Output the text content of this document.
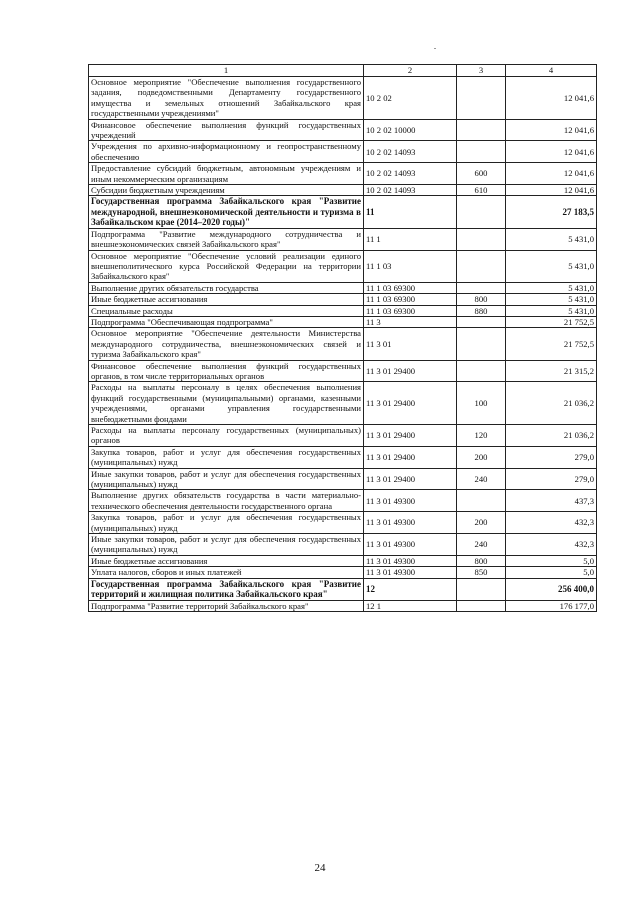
1	2	3	4
Основное мероприятие "Обеспечение выполнения государственного задания, подведомственными Департаменту государственного имущества и земельных отношений Забайкальского края государственными учреждениями"	10 2 02		12 041,6
Финансовое обеспечение выполнения функций государственных учреждений	10 2 02 10000		12 041,6
Учреждения по архивно-информационному и геопространственному обеспечению	10 2 02 14093		12 041,6
Предоставление субсидий бюджетным, автономным учреждениям и иным некоммерческим организациям	10 2 02 14093	600	12 041,6
Субсидии бюджетным учреждениям	10 2 02 14093	610	12 041,6
Государственная программа Забайкальского края "Развитие международной, внешнеэкономической деятельности и туризма в Забайкальском крае (2014–2020 годы)"	11		27 183,5
Подпрограмма "Развитие международного сотрудничества и внешнеэкономических связей Забайкальского края"	11 1		5 431,0
Основное мероприятие "Обеспечение условий реализации единого внешнеполитического курса Российской Федерации на территории Забайкальского края"	11 1 03		5 431,0
Выполнение других обязательств государства	11 1 03 69300		5 431,0
Иные бюджетные ассигнования	11 1 03 69300	800	5 431,0
Специальные расходы	11 1 03 69300	880	5 431,0
Подпрограмма "Обеспечивающая подпрограмма"	11 3		21 752,5
Основное мероприятие "Обеспечение деятельности Министерства международного сотрудничества, внешнеэкономических связей и туризма Забайкальского края"	11 3 01		21 752,5
Финансовое обеспечение выполнения функций государственных органов, в том числе территориальных органов	11 3 01 29400		21 315,2
Расходы на выплаты персоналу в целях обеспечения выполнения функций государственными (муниципальными) органами, казенными учреждениями, органами управления государственными внебюджетными фондами	11 3 01 29400	100	21 036,2
Расходы на выплаты персоналу государственных (муниципальных) органов	11 3 01 29400	120	21 036,2
Закупка товаров, работ и услуг для обеспечения государственных (муниципальных) нужд	11 3 01 29400	200	279,0
Иные закупки товаров, работ и услуг для обеспечения государственных (муниципальных) нужд	11 3 01 29400	240	279,0
Выполнение других обязательств государства в части материально-технического обеспечения деятельности государственного органа	11 3 01 49300		437,3
Закупка товаров, работ и услуг для обеспечения государственных (муниципальных) нужд	11 3 01 49300	200	432,3
Иные закупки товаров, работ и услуг для обеспечения государственных (муниципальных) нужд	11 3 01 49300	240	432,3
Иные бюджетные ассигнования	11 3 01 49300	800	5,0
Уплата налогов, сборов и иных платежей	11 3 01 49300	850	5,0
Государственная программа Забайкальского края "Развитие территорий и жилищная политика Забайкальского края"	12		256 400,0
Подпрограмма "Развитие территорий Забайкальского края"	12 1		176 177,0
24
